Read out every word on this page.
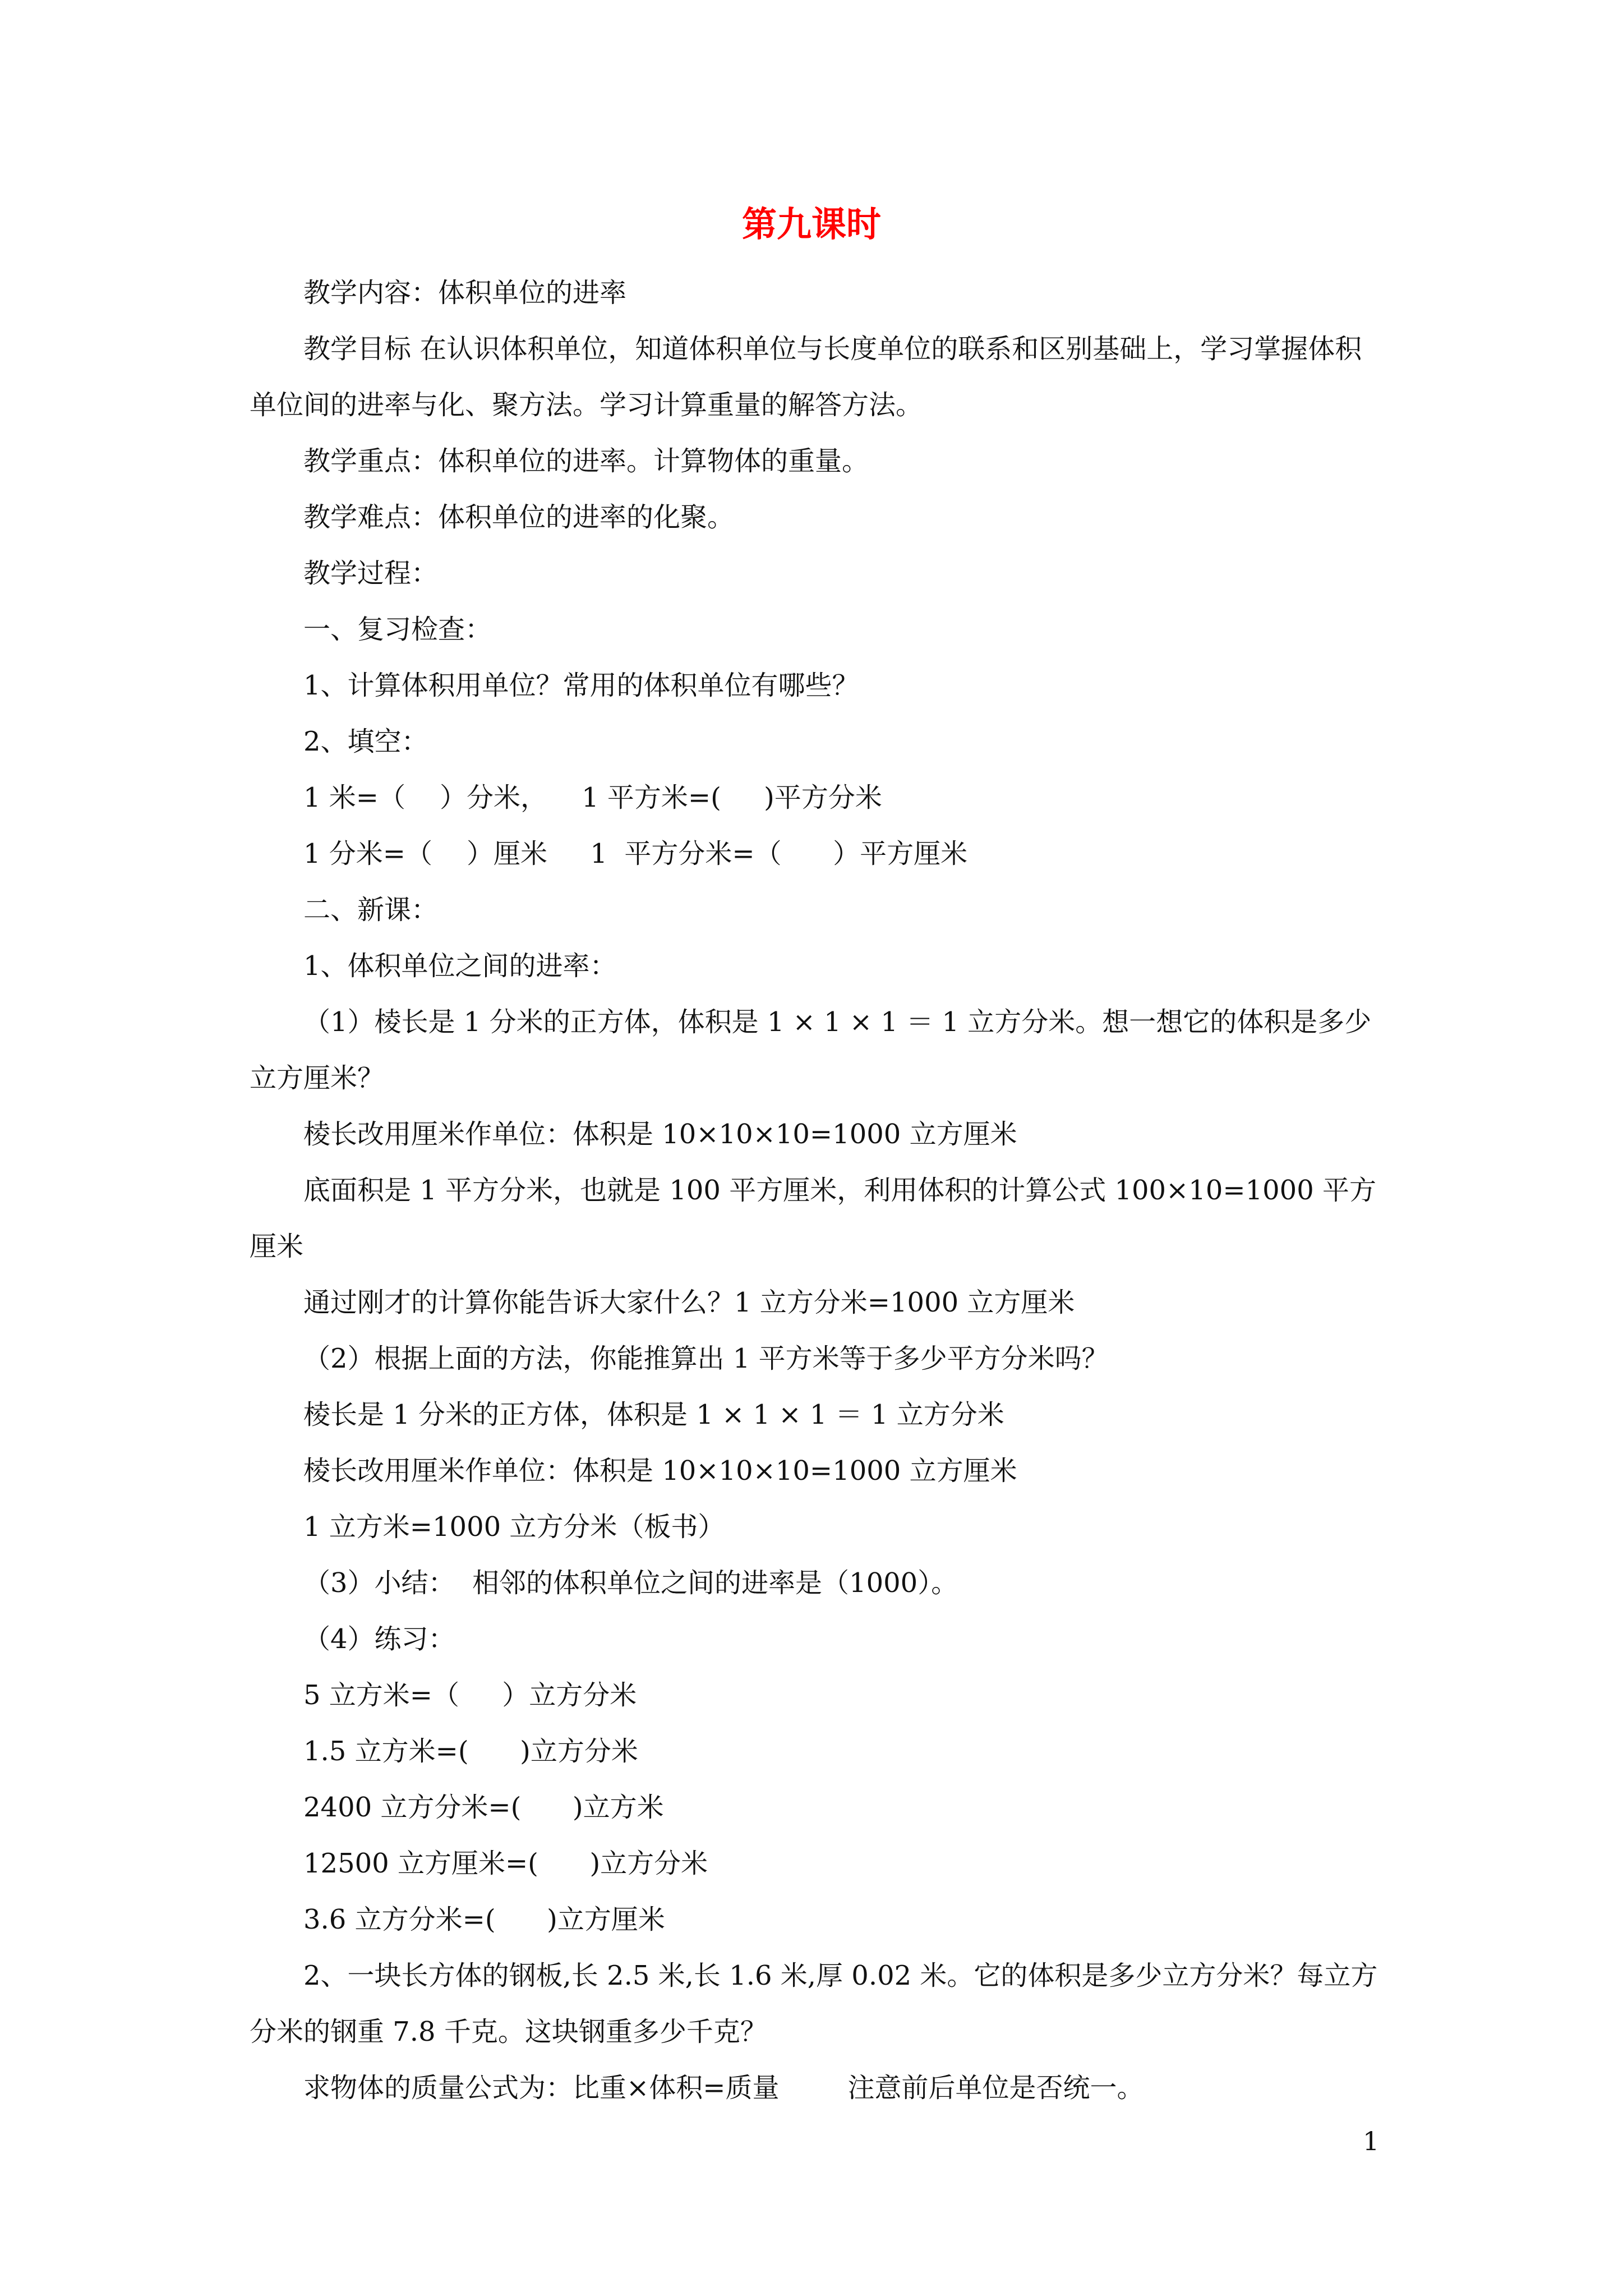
第九课时

教学内容：体积单位的进率

教学目标 在认识体积单位，知道体积单位与长度单位的联系和区别基础上，学习掌握体积单位间的进率与化、聚方法。学习计算重量的解答方法。

教学重点：体积单位的进率。计算物体的重量。

教学难点：体积单位的进率的化聚。

教学过程：

一、复习检查：

1、计算体积用单位？常用的体积单位有哪些？

2、填空：

1 米=（    ）分米，    1 平方米=(     )平方分米

1 分米=（    ）厘米     1  平方分米=（      ）平方厘米

二、新课：

1、体积单位之间的进率：

（1）棱长是 1 分米的正方体，体积是 1 × 1 × 1 ＝ 1 立方分米。想一想它的体积是多少立方厘米？

棱长改用厘米作单位：体积是 10×10×10=1000 立方厘米

底面积是 1 平方分米，也就是 100 平方厘米，利用体积的计算公式 100×10=1000 平方厘米

通过刚才的计算你能告诉大家什么？1 立方分米=1000 立方厘米

（2）根据上面的方法，你能推算出 1 平方米等于多少平方分米吗？

棱长是 1 分米的正方体，体积是 1 × 1 × 1 ＝ 1 立方分米

棱长改用厘米作单位：体积是 10×10×10=1000 立方厘米

1 立方米=1000 立方分米（板书）

（3）小结：  相邻的体积单位之间的进率是（1000）。

（4）练习：

5 立方米=（     ）立方分米

1.5 立方米=(      )立方分米

2400 立方分米=(      )立方米

12500 立方厘米=(      )立方分米

3.6 立方分米=(      )立方厘米

2、一块长方体的钢板,长 2.5 米,长 1.6 米,厚 0.02 米。它的体积是多少立方分米？每立方分米的钢重 7.8 千克。这块钢重多少千克？

求物体的质量公式为：比重×体积=质量        注意前后单位是否统一。

1
